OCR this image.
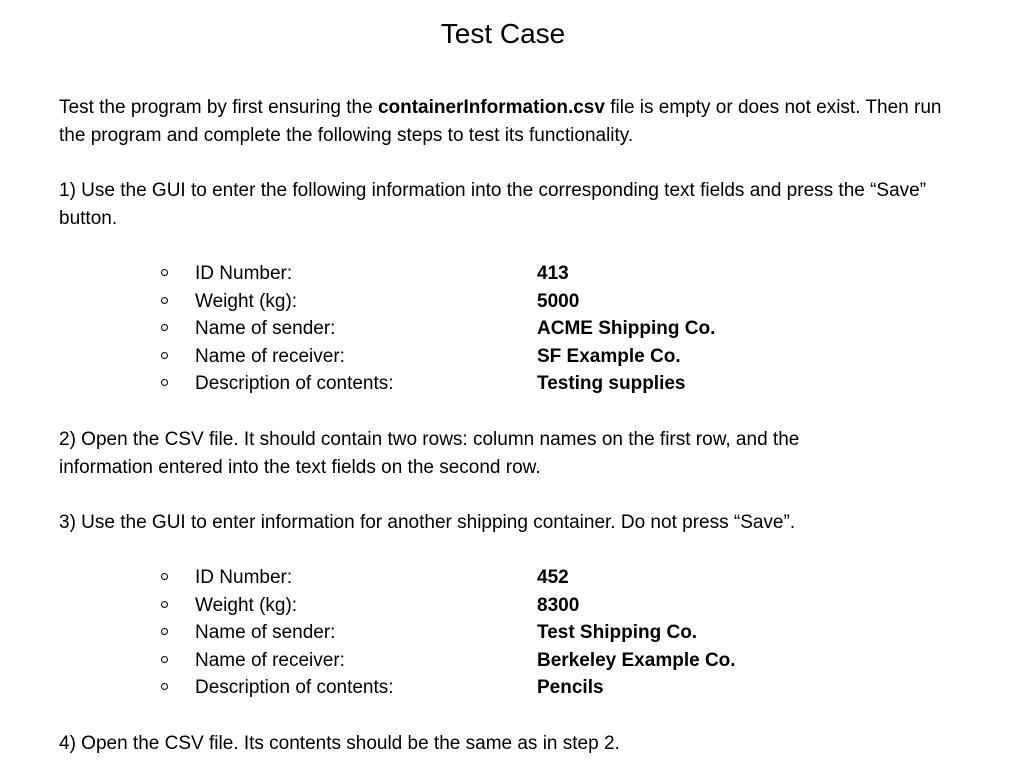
Test Case

Test the program by first ensuring the containerInformation.csv file is empty or does not exist. Then run the program and complete the following steps to test its functionality.

1) Use the GUI to enter the following information into the corresponding text fields and press the “Save” button.

ID Number:	413
Weight (kg):	5000
Name of sender:	ACME Shipping Co.
Name of receiver:	SF Example Co.
Description of contents:	Testing supplies

2) Open the CSV file. It should contain two rows: column names on the first row, and the information entered into the text fields on the second row.

3) Use the GUI to enter information for another shipping container. Do not press “Save”.

ID Number:	452
Weight (kg):	8300
Name of sender:	Test Shipping Co.
Name of receiver:	Berkeley Example Co.
Description of contents:	Pencils

4) Open the CSV file. Its contents should be the same as in step 2.
